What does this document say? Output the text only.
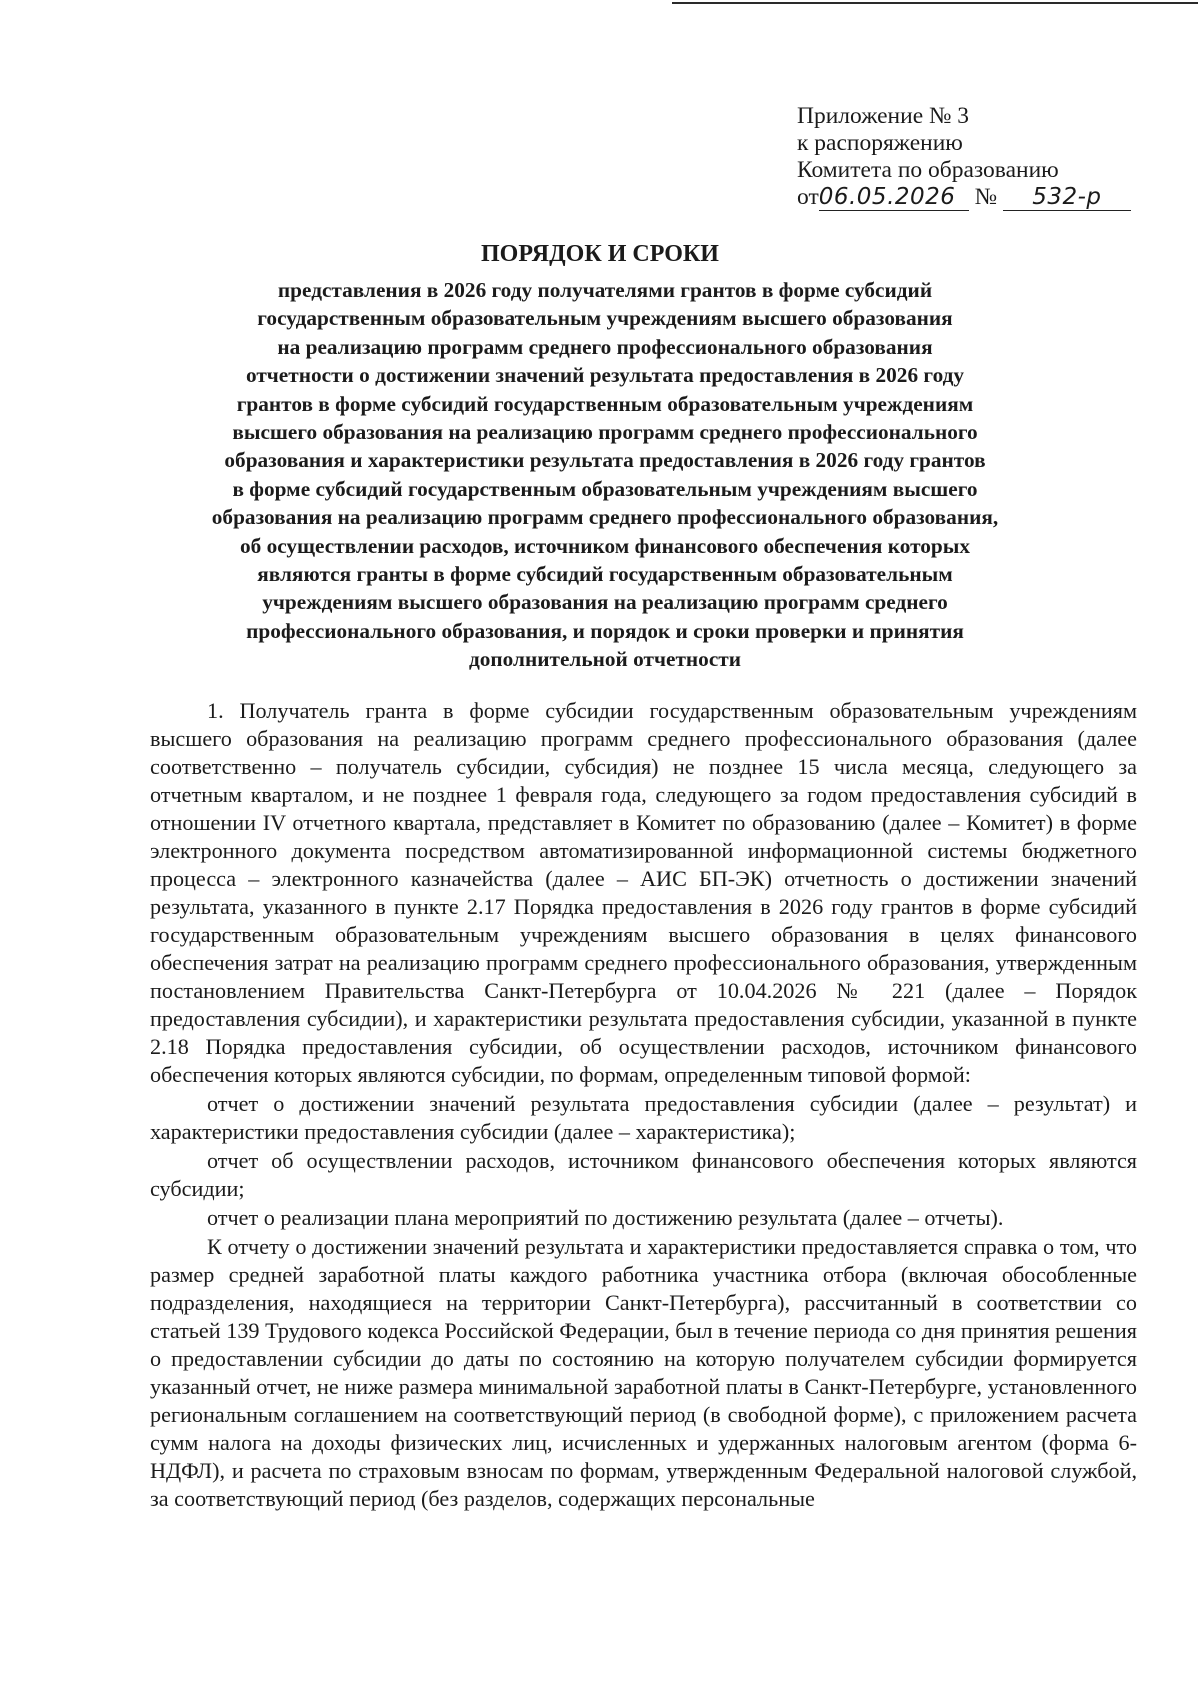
Приложение № 3
к распоряжению
Комитета по образованию
от06.05.2026 № 532-р
ПОРЯДОК И СРОКИ
представления в 2026 году получателями грантов в форме субсидий
государственным образовательным учреждениям высшего образования
на реализацию программ среднего профессионального образования
отчетности о достижении значений результата предоставления в 2026 году
грантов в форме субсидий государственным образовательным учреждениям
высшего образования на реализацию программ среднего профессионального
образования и характеристики результата предоставления в 2026 году грантов
в форме субсидий государственным образовательным учреждениям высшего
образования на реализацию программ среднего профессионального образования,
об осуществлении расходов, источником финансового обеспечения которых
являются гранты в форме субсидий государственным образовательным
учреждениям высшего образования на реализацию программ среднего
профессионального образования, и порядок и сроки проверки и принятия
дополнительной отчетности

1. Получатель гранта в форме субсидии государственным образовательным учреждениям высшего образования на реализацию программ среднего профессионального образования (далее соответственно – получатель субсидии, субсидия) не позднее 15 числа месяца, следующего за отчетным кварталом, и не позднее 1 февраля года, следующего за годом предоставления субсидий в отношении IV отчетного квартала, представляет в Комитет по образованию (далее – Комитет) в форме электронного документа посредством автоматизированной информационной системы бюджетного процесса – электронного казначейства (далее – АИС БП-ЭК) отчетность о достижении значений результата, указанного в пункте 2.17 Порядка предоставления в 2026 году грантов в форме субсидий государственным образовательным учреждениям высшего образования в целях финансового обеспечения затрат на реализацию программ среднего профессионального образования, утвержденным постановлением Правительства Санкт-Петербурга от 10.04.2026 № 221 (далее – Порядок предоставления субсидии), и характеристики результата предоставления субсидии, указанной в пункте 2.18 Порядка предоставления субсидии, об осуществлении расходов, источником финансового обеспечения которых являются субсидии, по формам, определенным типовой формой:

отчет о достижении значений результата предоставления субсидии (далее – результат) и характеристики предоставления субсидии (далее – характеристика);

отчет об осуществлении расходов, источником финансового обеспечения которых являются субсидии;

отчет о реализации плана мероприятий по достижению результата (далее – отчеты).

К отчету о достижении значений результата и характеристики предоставляется справка о том, что размер средней заработной платы каждого работника участника отбора (включая обособленные подразделения, находящиеся на территории Санкт-Петербурга), рассчитанный в соответствии со статьей 139 Трудового кодекса Российской Федерации, был в течение периода со дня принятия решения о предоставлении субсидии до даты по состоянию на которую получателем субсидии формируется указанный отчет, не ниже размера минимальной заработной платы в Санкт-Петербурге, установленного региональным соглашением на соответствующий период (в свободной форме), с приложением расчета сумм налога на доходы физических лиц, исчисленных и удержанных налоговым агентом (форма 6-НДФЛ), и расчета по страховым взносам по формам, утвержденным Федеральной налоговой службой, за соответствующий период (без разделов, содержащих персональные
